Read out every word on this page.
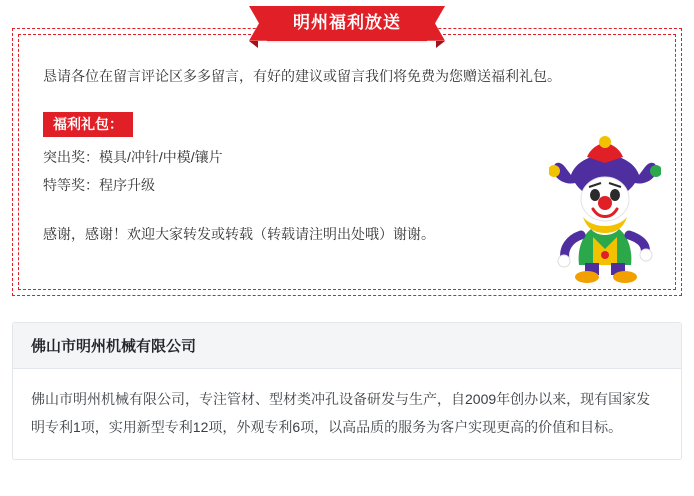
明州福利放送

恳请各位在留言评论区多多留言，有好的建议或留言我们将免费为您赠送福利礼包。

福利礼包：

突出奖：模具/冲针/中模/镶片

特等奖：程序升级

感谢，感谢！欢迎大家转发或转载（转载请注明出处哦）谢谢。

佛山市明州机械有限公司
佛山市明州机械有限公司，专注管材、型材类冲孔设备研发与生产，自2009年创办以来，现有国家发明专利1项，实用新型专利12项，外观专利6项，以高品质的服务为客户实现更高的价值和目标。
